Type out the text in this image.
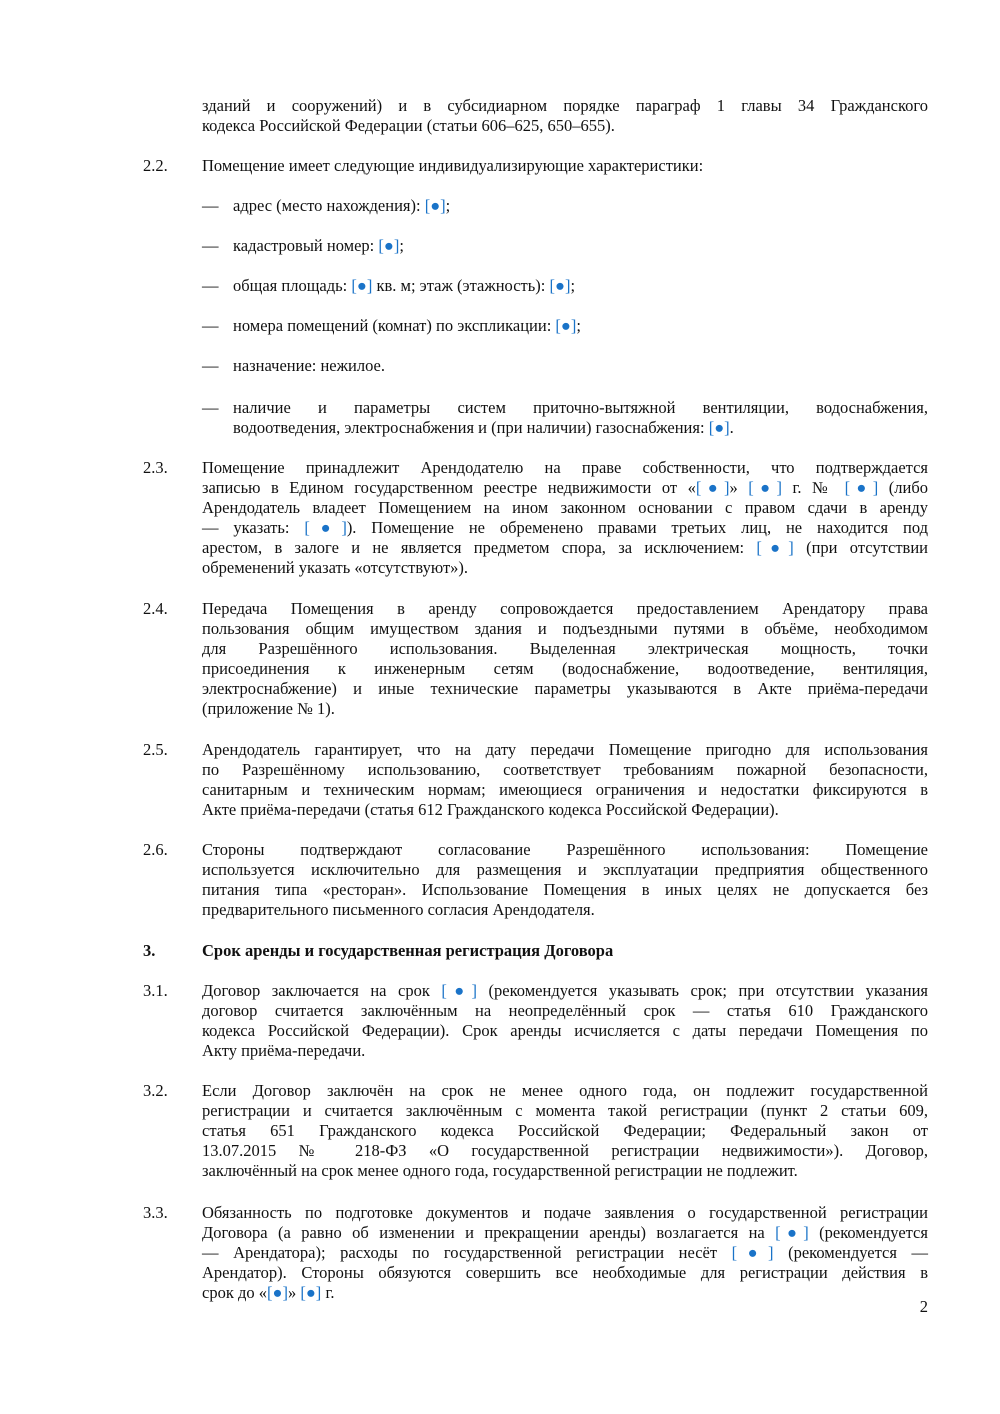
зданий и сооружений) и в субсидиарном порядке параграф 1 главы 34 Гражданского
кодекса Российской Федерации (статьи 606–625, 650–655).
2.2. Помещение имеет следующие индивидуализирующие характеристики:
— адрес (место нахождения): [●];
— кадастровый номер: [●];
— общая площадь: [●] кв. м; этаж (этажность): [●];
— номера помещений (комнат) по экспликации: [●];
— назначение: нежилое.
— наличие и параметры систем приточно-вытяжной вентиляции, водоснабжения,
водоотведения, электроснабжения и (при наличии) газоснабжения: [●].
2.3. Помещение принадлежит Арендодателю на праве собственности, что подтверждается
записью в Едином государственном реестре недвижимости от «[●]» [●] г. № [●] (либо
Арендодатель владеет Помещением на ином законном основании с правом сдачи в аренду
— указать: [●]). Помещение не обременено правами третьих лиц, не находится под
арестом, в залоге и не является предметом спора, за исключением: [●] (при отсутствии
обременений указать «отсутствуют»).
2.4. Передача Помещения в аренду сопровождается предоставлением Арендатору права
пользования общим имуществом здания и подъездными путями в объёме, необходимом
для Разрешённого использования. Выделенная электрическая мощность, точки
присоединения к инженерным сетям (водоснабжение, водоотведение, вентиляция,
электроснабжение) и иные технические параметры указываются в Акте приёма-передачи
(приложение № 1).
2.5. Арендодатель гарантирует, что на дату передачи Помещение пригодно для использования
по Разрешённому использованию, соответствует требованиям пожарной безопасности,
санитарным и техническим нормам; имеющиеся ограничения и недостатки фиксируются в
Акте приёма-передачи (статья 612 Гражданского кодекса Российской Федерации).
2.6. Стороны подтверждают согласование Разрешённого использования: Помещение
используется исключительно для размещения и эксплуатации предприятия общественного
питания типа «ресторан». Использование Помещения в иных целях не допускается без
предварительного письменного согласия Арендодателя.
3.	Срок аренды и государственная регистрация Договора
3.1. Договор заключается на срок [●] (рекомендуется указывать срок; при отсутствии указания
договор считается заключённым на неопределённый срок — статья 610 Гражданского
кодекса Российской Федерации). Срок аренды исчисляется с даты передачи Помещения по
Акту приёма-передачи.
3.2. Если Договор заключён на срок не менее одного года, он подлежит государственной
регистрации и считается заключённым с момента такой регистрации (пункт 2 статьи 609,
статья 651 Гражданского кодекса Российской Федерации; Федеральный закон от
13.07.2015 № 218-ФЗ «О государственной регистрации недвижимости»). Договор,
заключённый на срок менее одного года, государственной регистрации не подлежит.
3.3. Обязанность по подготовке документов и подаче заявления о государственной регистрации
Договора (а равно об изменении и прекращении аренды) возлагается на [●] (рекомендуется
— Арендатора); расходы по государственной регистрации несёт [●] (рекомендуется —
Арендатор). Стороны обязуются совершить все необходимые для регистрации действия в
срок до «[●]» [●] г.
2
